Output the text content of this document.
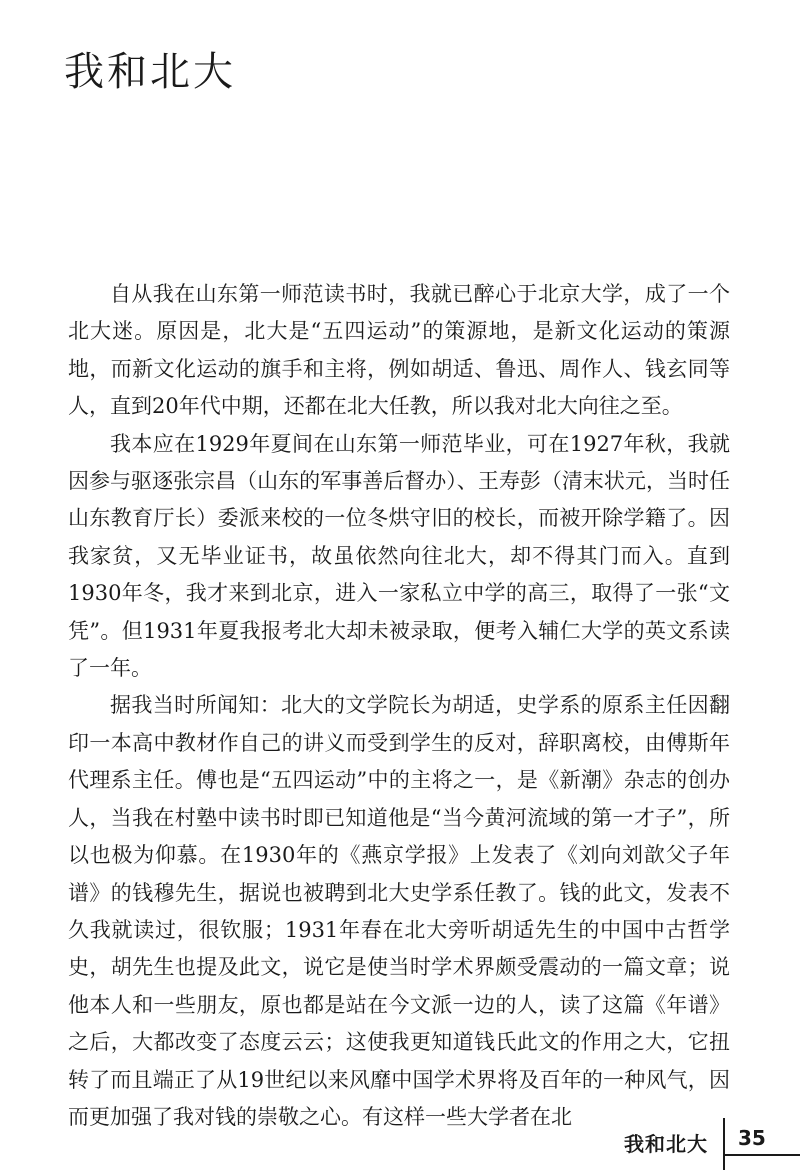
我和北大

自从我在山东第一师范读书时，我就已醉心于北京大学，成了一个北大迷。原因是，北大是“五四运动”的策源地，是新文化运动的策源地，而新文化运动的旗手和主将，例如胡适、鲁迅、周作人、钱玄同等人，直到20年代中期，还都在北大任教，所以我对北大向往之至。

我本应在1929年夏间在山东第一师范毕业，可在1927年秋，我就因参与驱逐张宗昌（山东的军事善后督办）、王寿彭（清末状元，当时任山东教育厅长）委派来校的一位冬烘守旧的校长，而被开除学籍了。因我家贫，又无毕业证书，故虽依然向往北大，却不得其门而入。直到1930年冬，我才来到北京，进入一家私立中学的高三，取得了一张“文凭”。但1931年夏我报考北大却未被录取，便考入辅仁大学的英文系读了一年。

据我当时所闻知：北大的文学院长为胡适，史学系的原系主任因翻印一本高中教材作自己的讲义而受到学生的反对，辞职离校，由傅斯年代理系主任。傅也是“五四运动”中的主将之一，是《新潮》杂志的创办人，当我在村塾中读书时即已知道他是“当今黄河流域的第一才子”，所以也极为仰慕。在1930年的《燕京学报》上发表了《刘向刘歆父子年谱》的钱穆先生，据说也被聘到北大史学系任教了。钱的此文，发表不久我就读过，很钦服；1931年春在北大旁听胡适先生的中国中古哲学史，胡先生也提及此文，说它是使当时学术界颇受震动的一篇文章；说他本人和一些朋友，原也都是站在今文派一边的人，读了这篇《年谱》之后，大都改变了态度云云；这使我更知道钱氏此文的作用之大，它扭转了而且端正了从19世纪以来风靡中国学术界将及百年的一种风气，因而更加强了我对钱的崇敬之心。有这样一些大学者在北

我和北大 35
